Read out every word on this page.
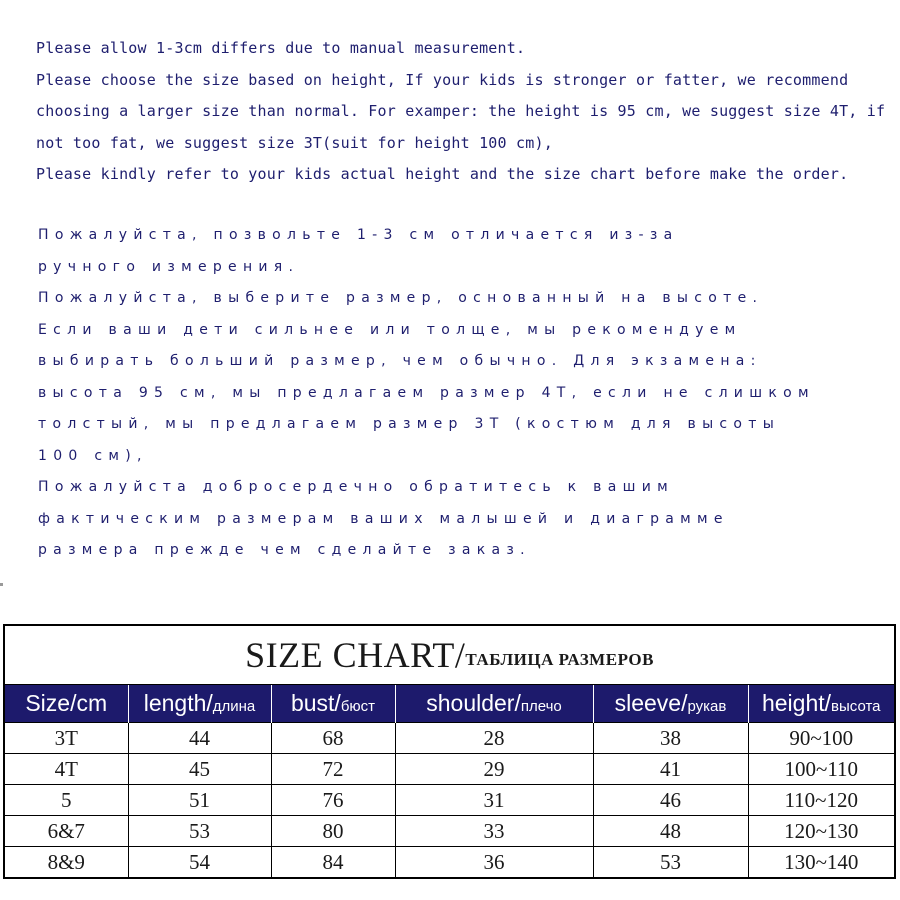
Please allow 1-3cm differs due to manual measurement.

Please choose the size based on height, If your kids is stronger or fatter, we recommend

choosing a larger size than normal. For examper: the height is 95 cm, we suggest size 4T, if

not too fat, we suggest size 3T(suit for height 100 cm),

Please kindly refer to your kids actual height and the size chart before make the order.

Пожалуйста, позвольте 1-3 см отличается из-за

ручного измерения.

Пожалуйста, выберите размер, основанный на высоте.

Если ваши дети сильнее или толще, мы рекомендуем

выбирать больший размер, чем обычно. Для экзамена:

высота 95 см, мы предлагаем размер 4T, если не слишком

толстый, мы предлагаем размер 3T (костюм для высоты

100 см),

Пожалуйста добросердечно обратитесь к вашим

фактическим размерам ваших малышей и диаграмме

размера прежде чем сделайте заказ.

SIZE CHART/ ТАБЛИЦА РАЗМЕРОВ
Size/cm	length/длина	bust/бюст	shoulder/плечо	sleeve/рукав	height/высота
3T	44	68	28	38	90~100
4T	45	72	29	41	100~110
5	51	76	31	46	110~120
6&7	53	80	33	48	120~130
8&9	54	84	36	53	130~140
